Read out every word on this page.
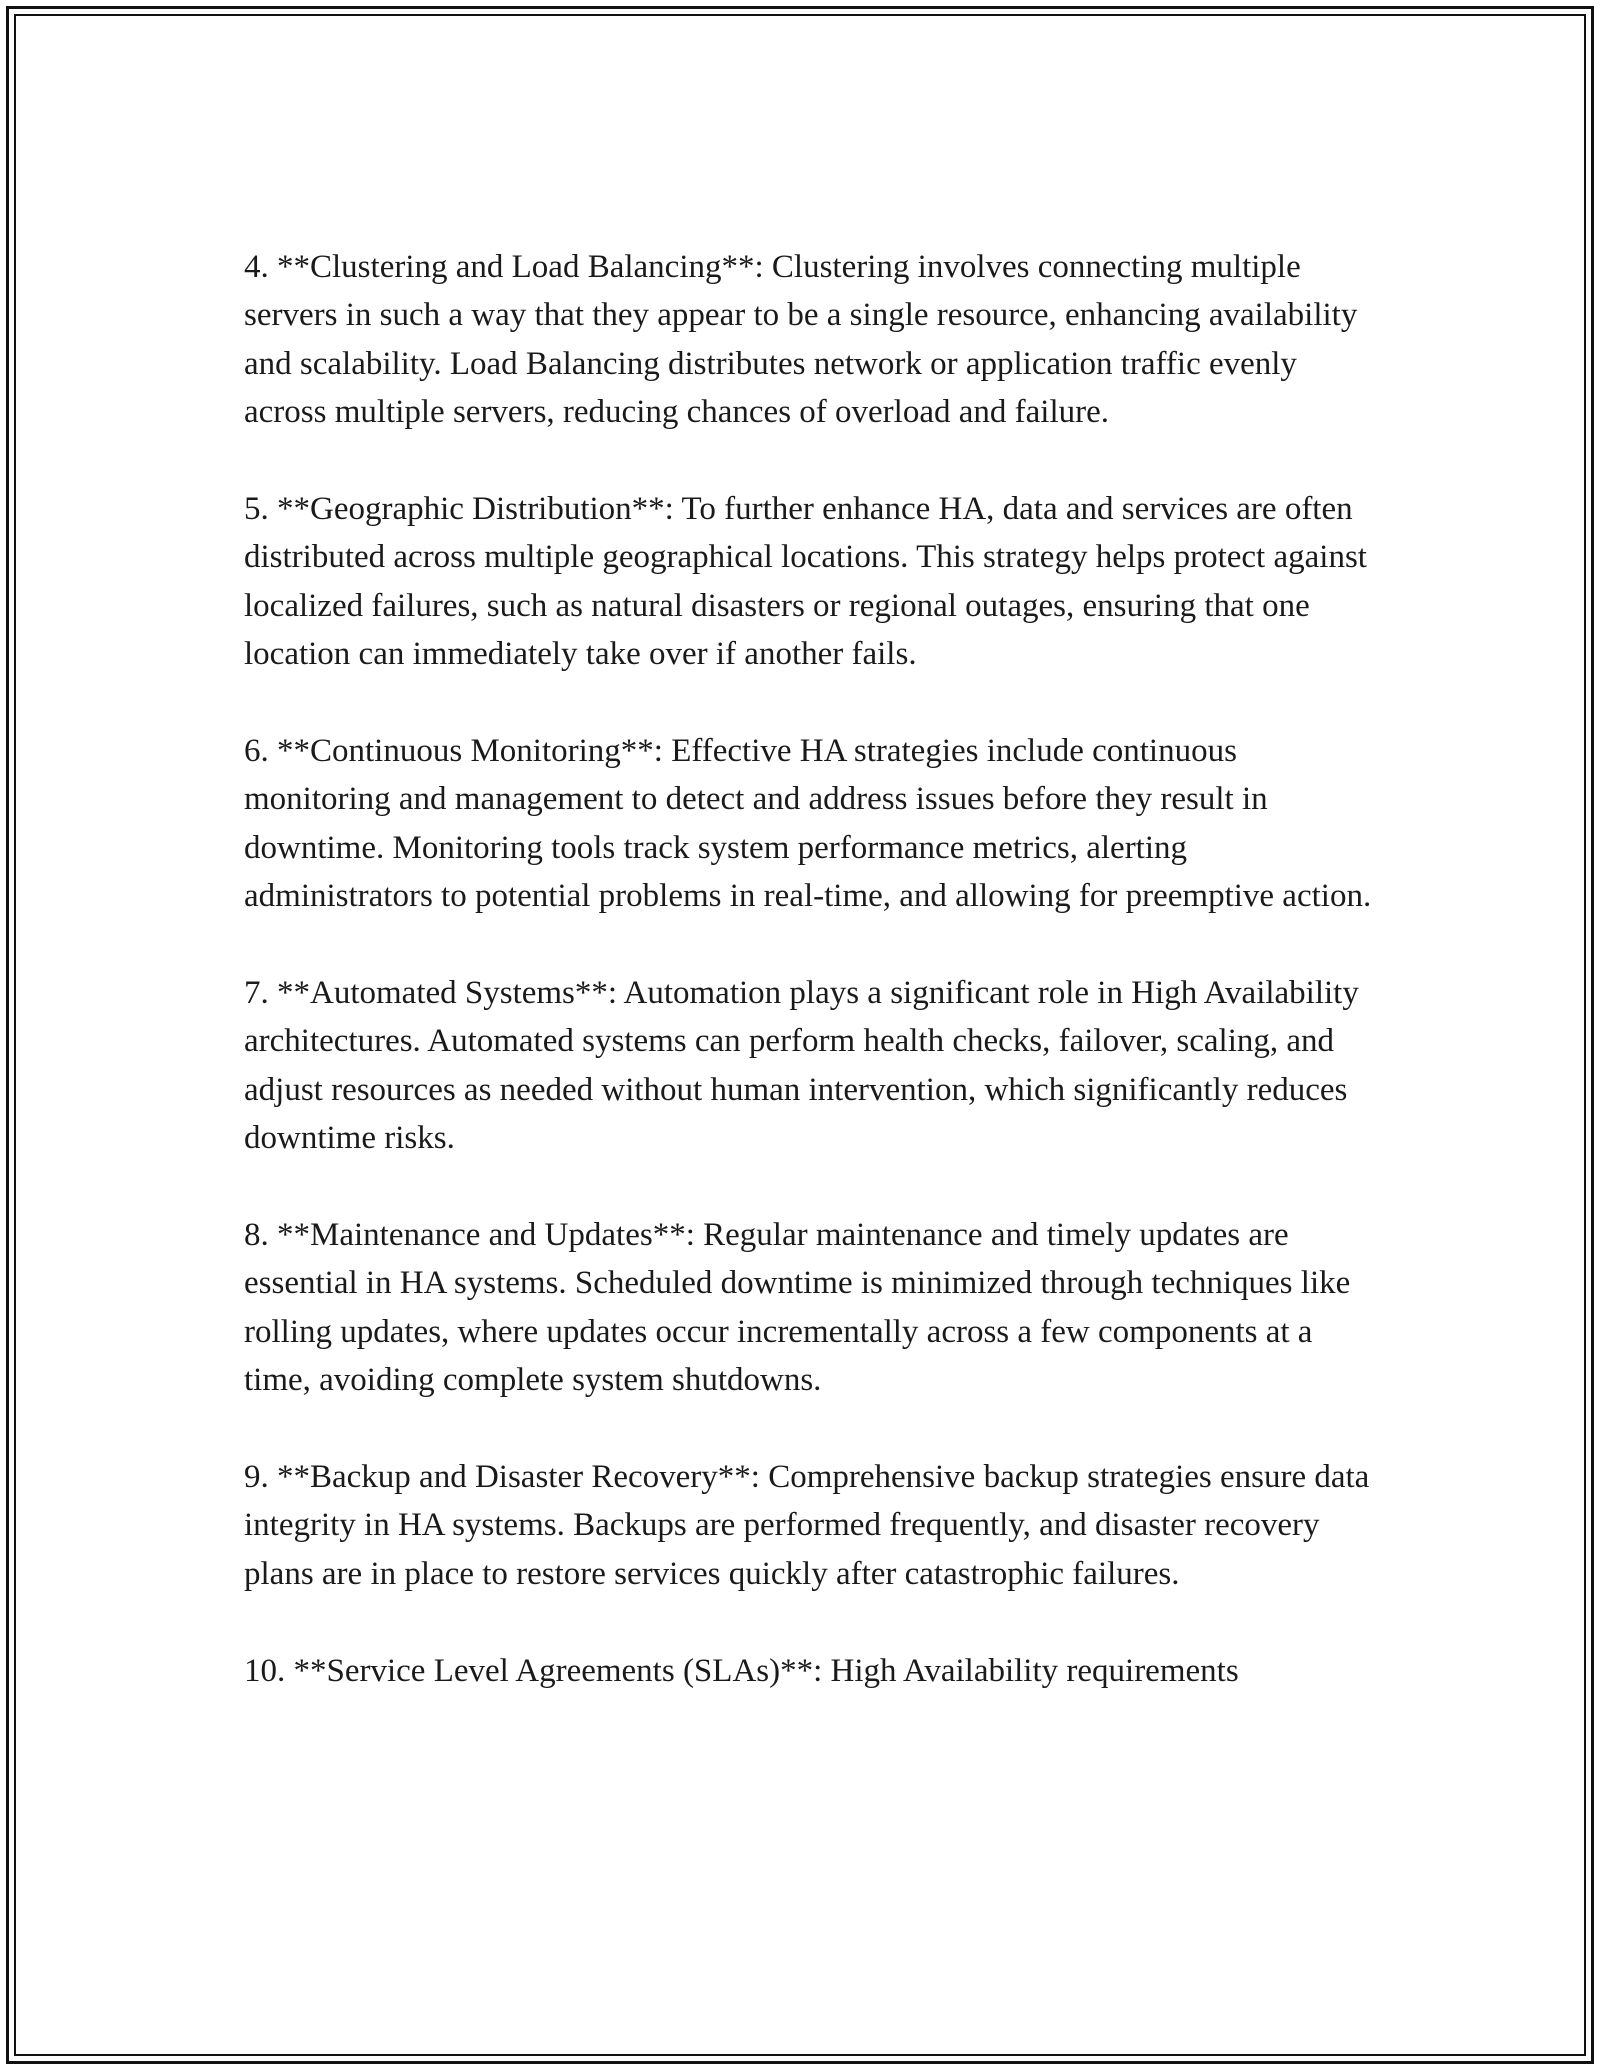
4. **Clustering and Load Balancing**: Clustering involves connecting multiple servers in such a way that they appear to be a single resource, enhancing availability and scalability. Load Balancing distributes network or application traffic evenly across multiple servers, reducing chances of overload and failure.

5. **Geographic Distribution**: To further enhance HA, data and services are often distributed across multiple geographical locations. This strategy helps protect against localized failures, such as natural disasters or regional outages, ensuring that one location can immediately take over if another fails.

6. **Continuous Monitoring**: Effective HA strategies include continuous monitoring and management to detect and address issues before they result in downtime. Monitoring tools track system performance metrics, alerting administrators to potential problems in real-time, and allowing for preemptive action.

7. **Automated Systems**: Automation plays a significant role in High Availability architectures. Automated systems can perform health checks, failover, scaling, and adjust resources as needed without human intervention, which significantly reduces downtime risks.

8. **Maintenance and Updates**: Regular maintenance and timely updates are essential in HA systems. Scheduled downtime is minimized through techniques like rolling updates, where updates occur incrementally across a few components at a time, avoiding complete system shutdowns.

9. **Backup and Disaster Recovery**: Comprehensive backup strategies ensure data integrity in HA systems. Backups are performed frequently, and disaster recovery plans are in place to restore services quickly after catastrophic failures.

10. **Service Level Agreements (SLAs)**: High Availability requirements
